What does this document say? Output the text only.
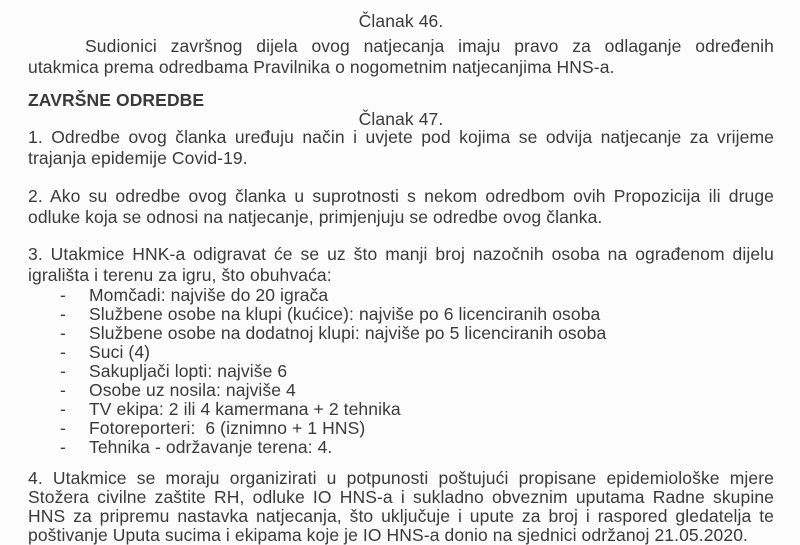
Članak 46.
Sudionici završnog dijela ovog natjecanja imaju pravo za odlaganje određenih
utakmica prema odredbama Pravilnika o nogometnim natjecanjima HNS-a.
ZAVRŠNE ODREDBE
Članak 47.
1. Odredbe ovog članka uređuju način i uvjete pod kojima se odvija natjecanje za vrijeme
trajanja epidemije Covid-19.
2. Ako su odredbe ovog članka u suprotnosti s nekom odredbom ovih Propozicija ili druge
odluke koja se odnosi na natjecanje, primjenjuju se odredbe ovog članka.
3. Utakmice HNK-a odigravat će se uz što manji broj nazočnih osoba na ograđenom dijelu
igrališta i terenu za igru, što obuhvaća:
-	Momčadi: najviše do 20 igrača
-	Službene osobe na klupi (kućice): najviše po 6 licenciranih osoba
-	Službene osobe na dodatnoj klupi: najviše po 5 licenciranih osoba
-	Suci (4)
-	Sakupljači lopti: najviše 6
-	Osobe uz nosila: najviše 4
-	TV ekipa: 2 ili 4 kamermana + 2 tehnika
-	Fotoreporteri:  6 (iznimno + 1 HNS)
-	Tehnika - održavanje terena: 4.
4. Utakmice se moraju organizirati u potpunosti poštujući propisane epidemiološke mjere
Stožera civilne zaštite RH, odluke IO HNS-a i sukladno obveznim uputama Radne skupine
HNS za pripremu nastavka natjecanja, što uključuje i upute za broj i raspored gledatelja te
poštivanje Uputa sucima i ekipama koje je IO HNS-a donio na sjednici održanoj 21.05.2020.
